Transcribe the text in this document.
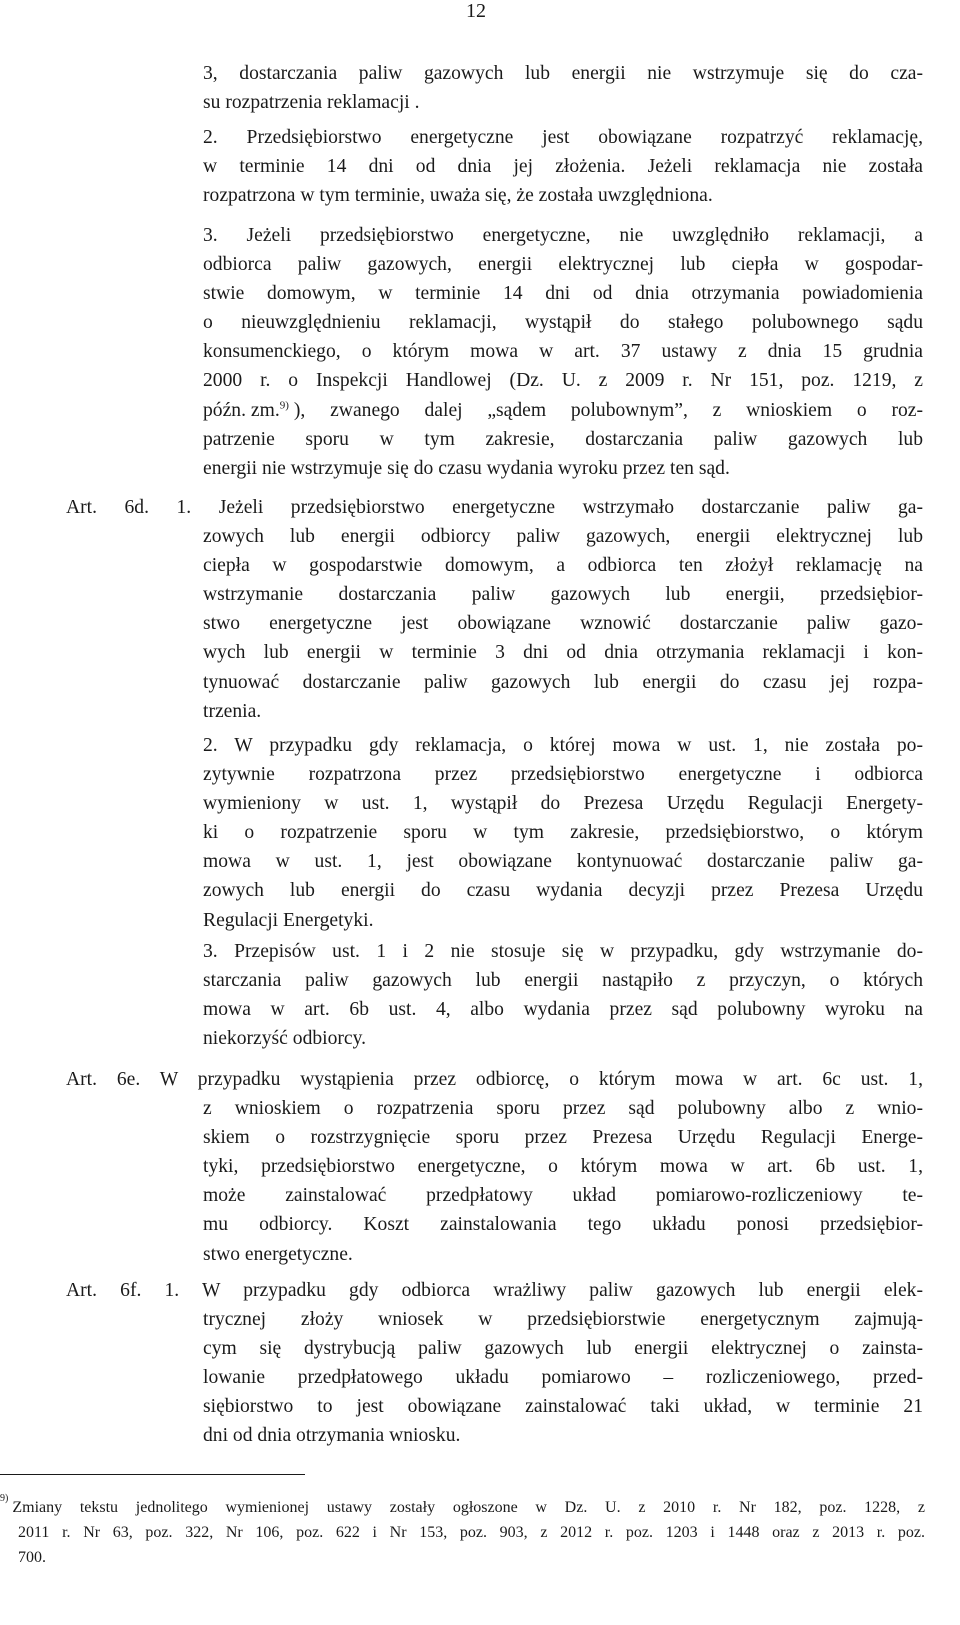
12
3, dostarczania paliw gazowych lub energii nie wstrzymuje się do cza-
su rozpatrzenia reklamacji .
2. Przedsiębiorstwo energetyczne jest obowiązane rozpatrzyć reklamację,
w terminie 14 dni od dnia jej złożenia. Jeżeli reklamacja nie została
rozpatrzona w tym terminie, uważa się, że została uwzględniona.
3. Jeżeli przedsiębiorstwo energetyczne, nie uwzględniło reklamacji, a
odbiorca paliw gazowych, energii elektrycznej lub ciepła w gospodar-
stwie domowym, w terminie 14 dni od dnia otrzymania powiadomienia
o nieuwzględnieniu reklamacji, wystąpił do stałego polubownego sądu
konsumenckiego, o którym mowa w art. 37 ustawy z dnia 15 grudnia
2000 r. o Inspekcji Handlowej (Dz. U. z 2009 r. Nr 151, poz. 1219, z
późn. zm.$^{9)}$ ), zwanego dalej „sądem polubownym”, z wnioskiem o roz-
patrzenie sporu w tym zakresie, dostarczania paliw gazowych lub
energii nie wstrzymuje się do czasu wydania wyroku przez ten sąd.
Art. 6d. 1. Jeżeli przedsiębiorstwo energetyczne wstrzymało dostarczanie paliw ga-
zowych lub energii odbiorcy paliw gazowych, energii elektrycznej lub
ciepła w gospodarstwie domowym, a odbiorca ten złożył reklamację na
wstrzymanie dostarczania paliw gazowych lub energii, przedsiębior-
stwo energetyczne jest obowiązane wznowić dostarczanie paliw gazo-
wych lub energii w terminie 3 dni od dnia otrzymania reklamacji i kon-
tynuować dostarczanie paliw gazowych lub energii do czasu jej rozpa-
trzenia.
2. W przypadku gdy reklamacja, o której mowa w ust. 1, nie została po-
zytywnie rozpatrzona przez przedsiębiorstwo energetyczne i odbiorca
wymieniony w ust. 1, wystąpił do Prezesa Urzędu Regulacji Energety-
ki o rozpatrzenie sporu w tym zakresie, przedsiębiorstwo, o którym
mowa w ust. 1, jest obowiązane kontynuować dostarczanie paliw ga-
zowych lub energii do czasu wydania decyzji przez Prezesa Urzędu
Regulacji Energetyki.
3. Przepisów ust. 1 i 2 nie stosuje się w przypadku, gdy wstrzymanie do-
starczania paliw gazowych lub energii nastąpiło z przyczyn, o których
mowa w art. 6b ust. 4, albo wydania przez sąd polubowny wyroku na
niekorzyść odbiorcy.
Art. 6e. W przypadku wystąpienia przez odbiorcę, o którym mowa w art. 6c ust. 1,
z wnioskiem o rozpatrzenia sporu przez sąd polubowny albo z wnio-
skiem o rozstrzygnięcie sporu przez Prezesa Urzędu Regulacji Energe-
tyki, przedsiębiorstwo energetyczne, o którym mowa w art. 6b ust. 1,
może zainstalować przedpłatowy układ pomiarowo-rozliczeniowy te-
mu odbiorcy. Koszt zainstalowania tego układu ponosi przedsiębior-
stwo energetyczne.
Art. 6f. 1. W przypadku gdy odbiorca wrażliwy paliw gazowych lub energii elek-
trycznej złoży wniosek w przedsiębiorstwie energetycznym zajmują-
cym się dystrybucją paliw gazowych lub energii elektrycznej o zainsta-
lowanie przedpłatowego układu pomiarowo – rozliczeniowego, przed-
siębiorstwo to jest obowiązane zainstalować taki układ, w terminie 21
dni od dnia otrzymania wniosku.
9)
Zmiany tekstu jednolitego wymienionej ustawy zostały ogłoszone w Dz. U. z 2010 r. Nr 182, poz. 1228, z
2011 r. Nr 63, poz. 322, Nr 106, poz. 622 i Nr 153, poz. 903, z 2012 r. poz. 1203 i 1448 oraz z 2013 r. poz.
700.
